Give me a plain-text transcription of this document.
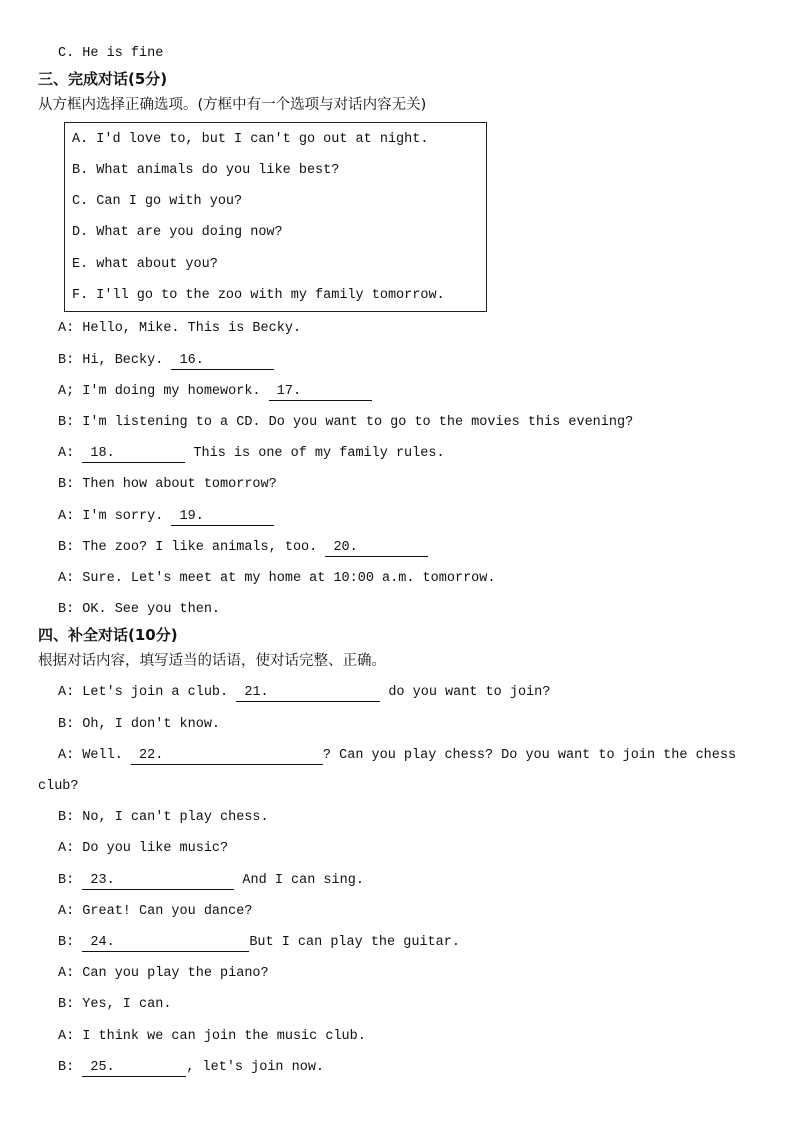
C. He is fine
三、完成对话(5分)
从方框内选择正确选项。(方框中有一个选项与对话内容无关)
A. I'd love to, but I can't go out at night.
B. What animals do you like best?
C. Can I go with you?
D. What are you doing now?
E. what about you?
F. I'll go to the zoo with my family tomorrow.
A: Hello, Mike. This is Becky.
B: Hi, Becky.  16.
A; I'm doing my homework.  17.
B: I'm listening to a CD. Do you want to go to the movies this evening?
A:  18.	This is one of my family rules.
B: Then how about tomorrow?
A: I'm sorry.  19.
B: The zoo? I like animals, too.  20.
A: Sure. Let's meet at my home at 10:00 a.m. tomorrow.
B: OK. See you then.
四、补全对话(10分)
根据对话内容，填写适当的话语，使对话完整、正确。
A: Let's join a club.  21.	do you want to join?
B: Oh, I don't know.
A: Well.  22.	? Can you play chess? Do you want to join the chess
club?
B: No, I can't play chess.
A: Do you like music?
B:  23.	And I can sing.
A: Great! Can you dance?
B:  24.	But I can play the guitar.
A: Can you play the piano?
B: Yes, I can.
A: I think we can join the music club.
B:  25.	, let's join now.
